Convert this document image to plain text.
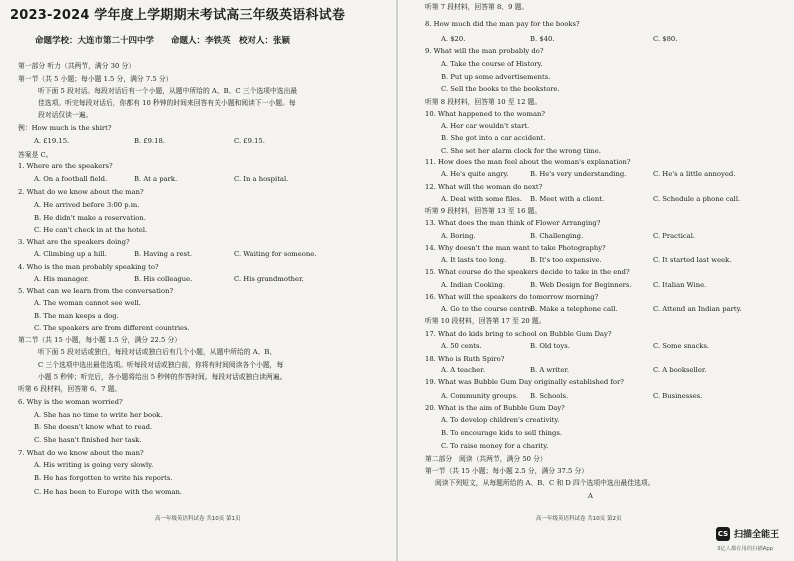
2023-2024 学年度上学期期末考试高三年级英语科试卷
命题学校：大连市第二十四中学　　命题人：李铁英　校对人：张颖
第一部分 听力（共两节，满分 30 分）
第一节（共 5 小题；每小题 1.5 分，满分 7.5 分）
听下面 5 段对话。每段对话后有一个小题，从题中所给的 A、B、C 三个选项中选出最
佳选项。听完每段对话后，你都有 10 秒钟的时间来回答有关小题和阅读下一小题。每
段对话仅读一遍。
例：How much is the shirt?
A. £19.15.	B. £9.18.	C. £9.15.
答案是 C。
1. Where are the speakers?
A. On a football field.	B. At a park.	C. In a hospital.
2. What do we know about the man?
A. He arrived before 3:00 p.m.
B. He didn't make a reservation.
C. He can't check in at the hotel.
3. What are the speakers doing?
A. Climbing up a hill.	B. Having a rest.	C. Waiting for someone.
4. Who is the man probably speaking to?
A. His manager.	B. His colleague.	C. His grandmother.
5. What can we learn from the conversation?
A. The woman cannot see well.
B. The man keeps a dog.
C. The speakers are from different countries.
第二节（共 15 小题，每小题 1.5 分，满分 22.5 分）
听下面 5 段对话或独白，每段对话或独白后有几个小题，从题中所给的 A、B、
C 三个选项中选出最佳选项。听每段对话或独白前，你将有时间阅读各个小题，每
小题 5 秒钟；听完后，各小题将给出 5 秒钟的作答时间。每段对话或独白读两遍。
听第 6 段材料，回答第 6、7 题。
6. Why is the woman worried?
A. She has no time to write her book.
B. She doesn't know what to read.
C. She hasn't finished her task.
7. What do we know about the man?
A. His writing is going very slowly.
B. He has forgotten to write his reports.
C. He has been to Europe with the woman.
高一年级英语科试卷 共10页 第1页
听第 7 段材料，回答第 8、9 题。
8. How much did the man pay for the books?
A. $20.	B. $40.	C. $80.
9. What will the man probably do?
A. Take the course of History.
B. Put up some advertisements.
C. Sell the books to the bookstore.
听第 8 段材料，回答第 10 至 12 题。
10. What happened to the woman?
A. Her car wouldn't start.
B. She got into a car accident.
C. She set her alarm clock for the wrong time.
11. How does the man feel about the woman's explanation?
A. He's quite angry.	B. He's very understanding.	C. He's a little annoyed.
12. What will the woman do next?
A. Deal with some files. B. Meet with a client.	C. Schedule a phone call.
听第 9 段材料，回答第 13 至 16 题。
13. What does the man think of Flower Arranging?
A. Boring.	B. Challenging.	C. Practical.
14. Why doesn't the man want to take Photography?
A. It lasts too long.	B. It's too expensive.	C. It started last week.
15. What course do the speakers decide to take in the end?
A. Indian Cooking.	B. Web Design for Beginners.	C. Italian Wine.
16. What will the speakers do tomorrow morning?
A. Go to the course centre.
B. Make a telephone call.	C. Attend an Indian party.
听第 10 段材料，回答第 17 至 20 题。
17. What do kids bring to school on Bubble Gum Day?
A. 50 cents.	B. Old toys.	C. Some snacks.
18. Who is Ruth Spiro?
A. A teacher.	B. A writer.	C. A bookseller.
19. What was Bubble Gum Day originally established for?
A. Community groups. B. Schools.	C. Businesses.
20. What is the aim of Bubble Gum Day?
A. To develop children's creativity.
B. To encourage kids to sell things.
C. To raise money for a charity.
第二部分　阅读（共两节，满分 50 分）
第一节（共 15 小题；每小题 2.5 分，满分 37.5 分）
阅读下列短文，从每题所给的 A、B、C 和 D 四个选项中选出最佳选项。
A
高一年级英语科试卷 共10页 第2页
CS 扫描全能王
3亿人都在用的扫描App
